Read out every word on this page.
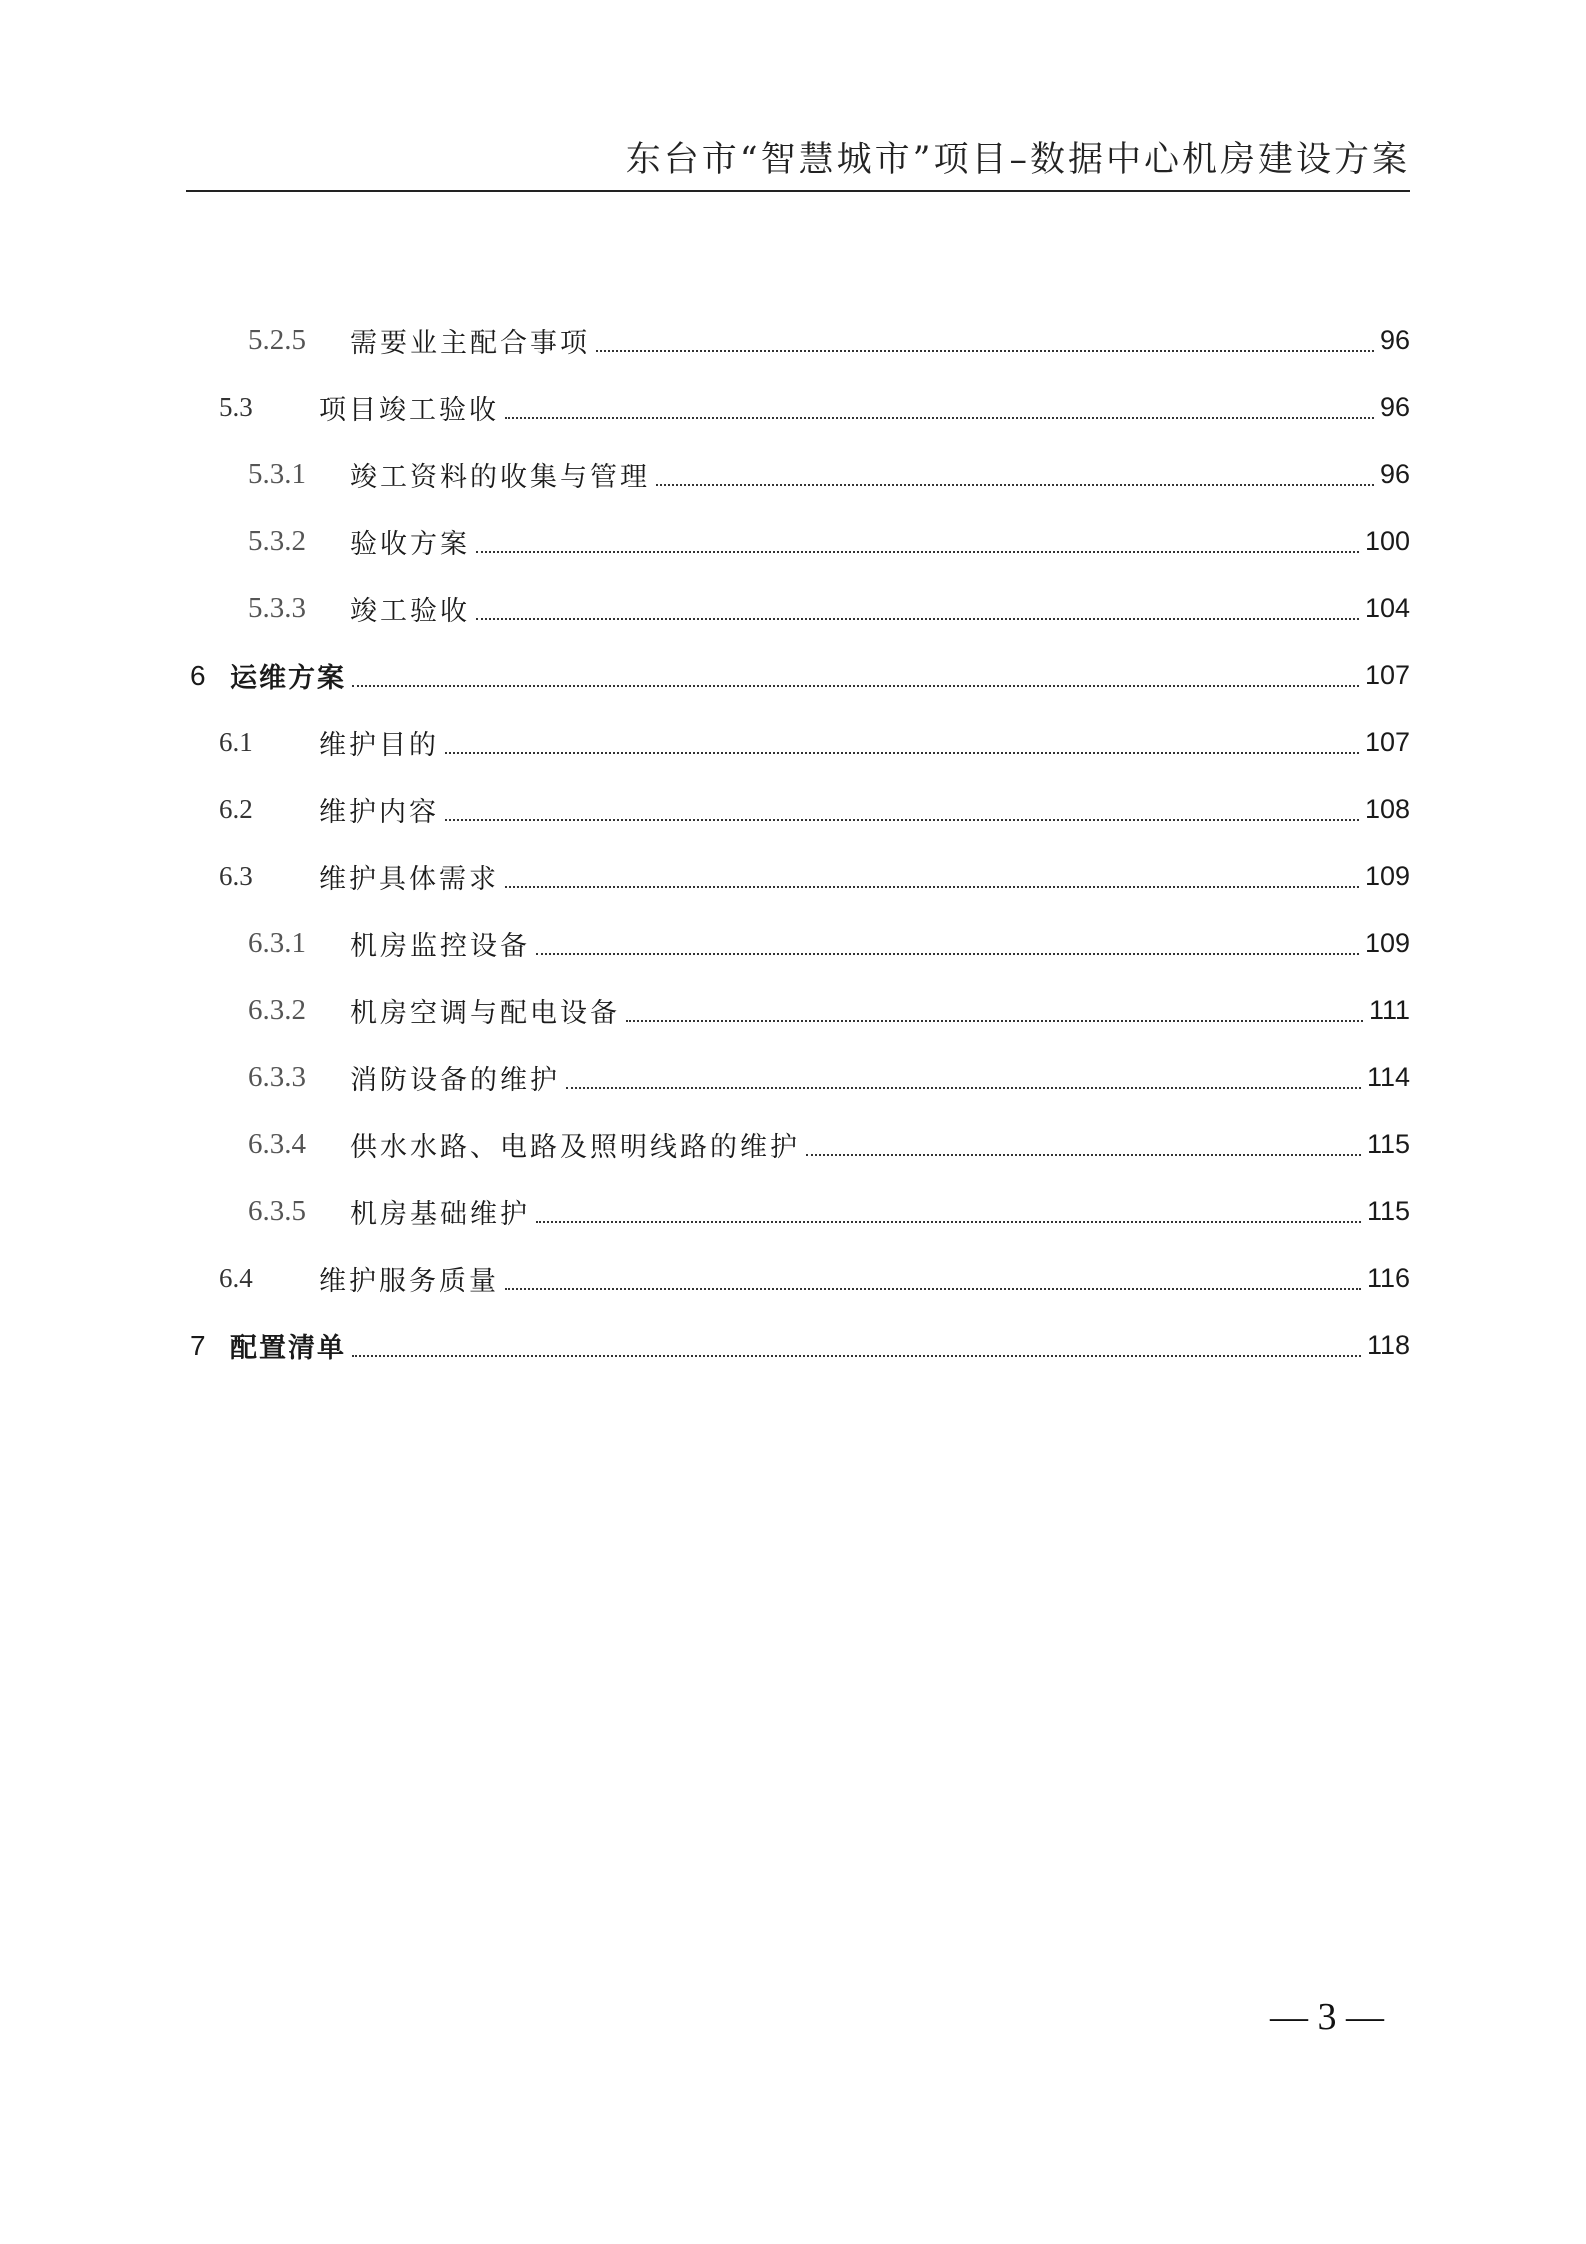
东台市“智慧城市”项目–数据中心机房建设方案
5.2.5	需要业主配合事项	96
5.3	项目竣工验收	96
5.3.1	竣工资料的收集与管理	96
5.3.2	验收方案	100
5.3.3	竣工验收	104
6 运维方案	107
6.1	维护目的	107
6.2	维护内容	108
6.3	维护具体需求	109
6.3.1	机房监控设备	109
6.3.2	机房空调与配电设备	111
6.3.3	消防设备的维护	114
6.3.4	供水水路、电路及照明线路的维护	115
6.3.5	机房基础维护	115
6.4	维护服务质量	116
7 配置清单	118
— 3 —
